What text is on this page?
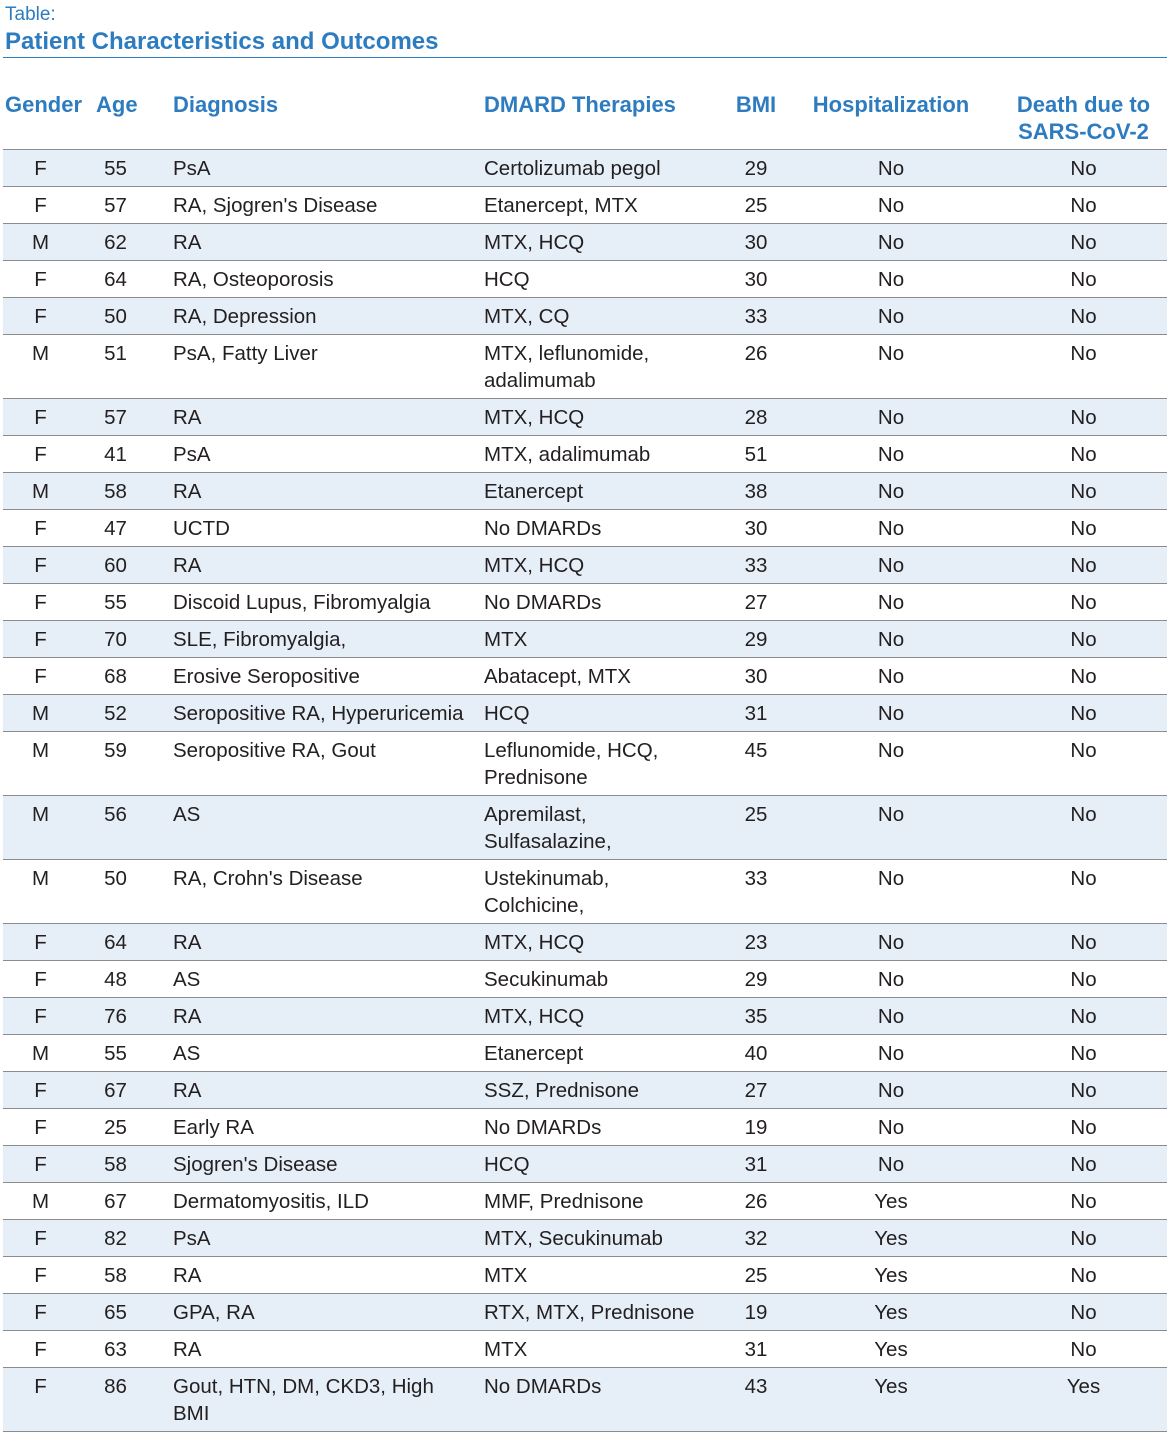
Table:
Patient Characteristics and Outcomes
Gender	Age	Diagnosis	DMARD Therapies	BMI	Hospitalization	Death due to SARS-CoV-2
F	55	PsA	Certolizumab pegol	29	No	No
F	57	RA, Sjogren's Disease	Etanercept, MTX	25	No	No
M	62	RA	MTX, HCQ	30	No	No
F	64	RA, Osteoporosis	HCQ	30	No	No
F	50	RA, Depression	MTX, CQ	33	No	No
M	51	PsA, Fatty Liver	MTX, leflunomide, adalimumab	26	No	No
F	57	RA	MTX, HCQ	28	No	No
F	41	PsA	MTX, adalimumab	51	No	No
M	58	RA	Etanercept	38	No	No
F	47	UCTD	No DMARDs	30	No	No
F	60	RA	MTX, HCQ	33	No	No
F	55	Discoid Lupus, Fibromyalgia	No DMARDs	27	No	No
F	70	SLE, Fibromyalgia,	MTX	29	No	No
F	68	Erosive Seropositive	Abatacept, MTX	30	No	No
M	52	Seropositive RA, Hyperuricemia	HCQ	31	No	No
M	59	Seropositive RA, Gout	Leflunomide, HCQ, Prednisone	45	No	No
M	56	AS	Apremilast, Sulfasalazine,	25	No	No
M	50	RA, Crohn's Disease	Ustekinumab, Colchicine,	33	No	No
F	64	RA	MTX, HCQ	23	No	No
F	48	AS	Secukinumab	29	No	No
F	76	RA	MTX, HCQ	35	No	No
M	55	AS	Etanercept	40	No	No
F	67	RA	SSZ, Prednisone	27	No	No
F	25	Early RA	No DMARDs	19	No	No
F	58	Sjogren's Disease	HCQ	31	No	No
M	67	Dermatomyositis, ILD	MMF, Prednisone	26	Yes	No
F	82	PsA	MTX, Secukinumab	32	Yes	No
F	58	RA	MTX	25	Yes	No
F	65	GPA, RA	RTX, MTX, Prednisone	19	Yes	No
F	63	RA	MTX	31	Yes	No
F	86	Gout, HTN, DM, CKD3, High BMI	No DMARDs	43	Yes	Yes
